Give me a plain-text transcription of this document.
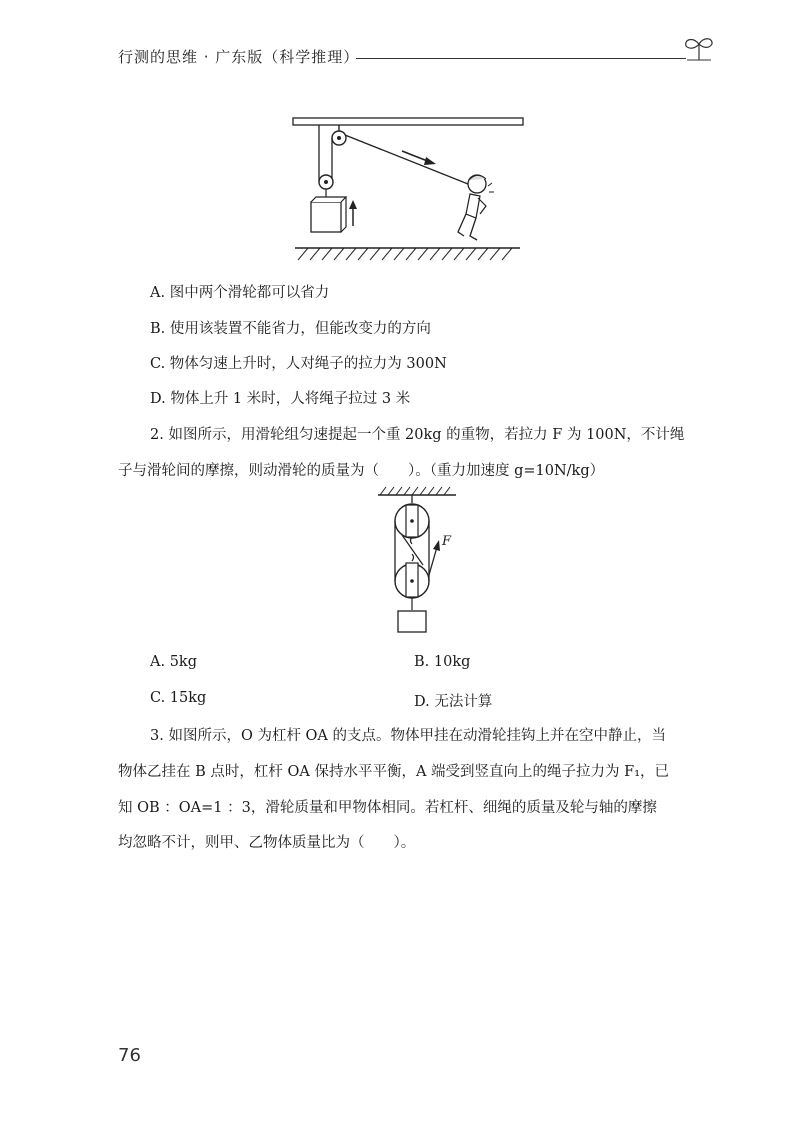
行测的思维 · 广东版（科学推理）
A. 图中两个滑轮都可以省力
B. 使用该装置不能省力，但能改变力的方向
C. 物体匀速上升时，人对绳子的拉力为 300N
D. 物体上升 1 米时，人将绳子拉过 3 米
2. 如图所示，用滑轮组匀速提起一个重 20kg 的重物，若拉力 F 为 100N，不计绳
子与滑轮间的摩擦，则动滑轮的质量为（　　）。（重力加速度 g=10N/kg）
F
A. 5kg	B. 10kg
C. 15kg	D. 无法计算
3. 如图所示，O 为杠杆 OA 的支点。物体甲挂在动滑轮挂钩上并在空中静止，当
物体乙挂在 B 点时，杠杆 OA 保持水平平衡，A 端受到竖直向上的绳子拉力为 F₁，已
知 OB ：OA=1 ：3，滑轮质量和甲物体相同。若杠杆、细绳的质量及轮与轴的摩擦
均忽略不计，则甲、乙物体质量比为（　　）。
76
